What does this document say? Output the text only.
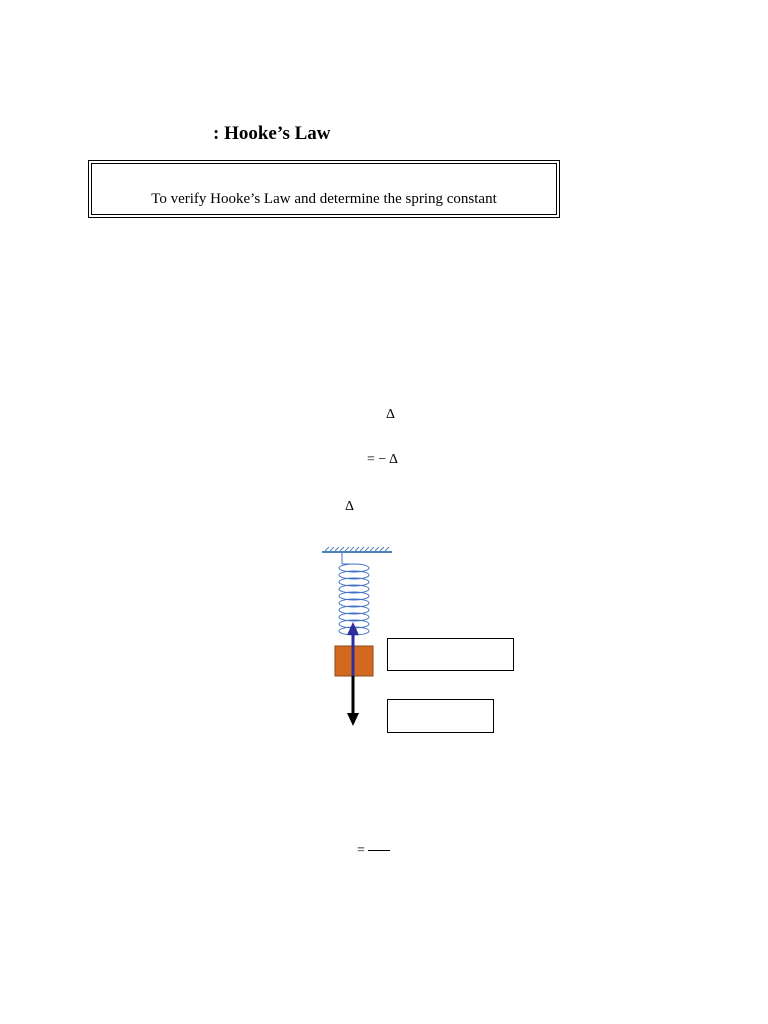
: Hooke’s Law
To verify Hooke’s Law and determine the spring constant
Δ
= − Δ
Δ
=
